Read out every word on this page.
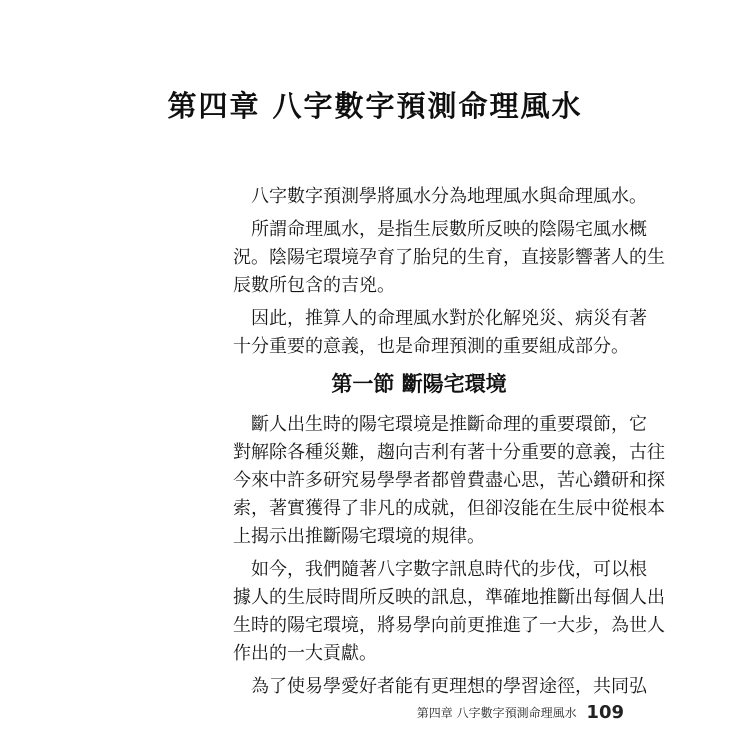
第四章 八字數字預測命理風水

八字數字預測學將風水分為地理風水與命理風水。

所謂命理風水，是指生辰數所反映的陰陽宅風水概
況。陰陽宅環境孕育了胎兒的生育，直接影響著人的生
辰數所包含的吉兇。

因此，推算人的命理風水對於化解兇災、病災有著
十分重要的意義，也是命理預測的重要組成部分。

第一節 斷陽宅環境

斷人出生時的陽宅環境是推斷命理的重要環節，它
對解除各種災難，趨向吉利有著十分重要的意義，古往
今來中許多研究易學學者都曾費盡心思，苦心鑽研和探
索，著實獲得了非凡的成就，但卻沒能在生辰中從根本
上揭示出推斷陽宅環境的規律。

如今，我們隨著八字數字訊息時代的步伐，可以根
據人的生辰時間所反映的訊息，準確地推斷出每個人出
生時的陽宅環境，將易學向前更推進了一大步，為世人
作出的一大貢獻。

為了使易學愛好者能有更理想的學習途徑，共同弘

第四章 八字數字預測命理風水 109
